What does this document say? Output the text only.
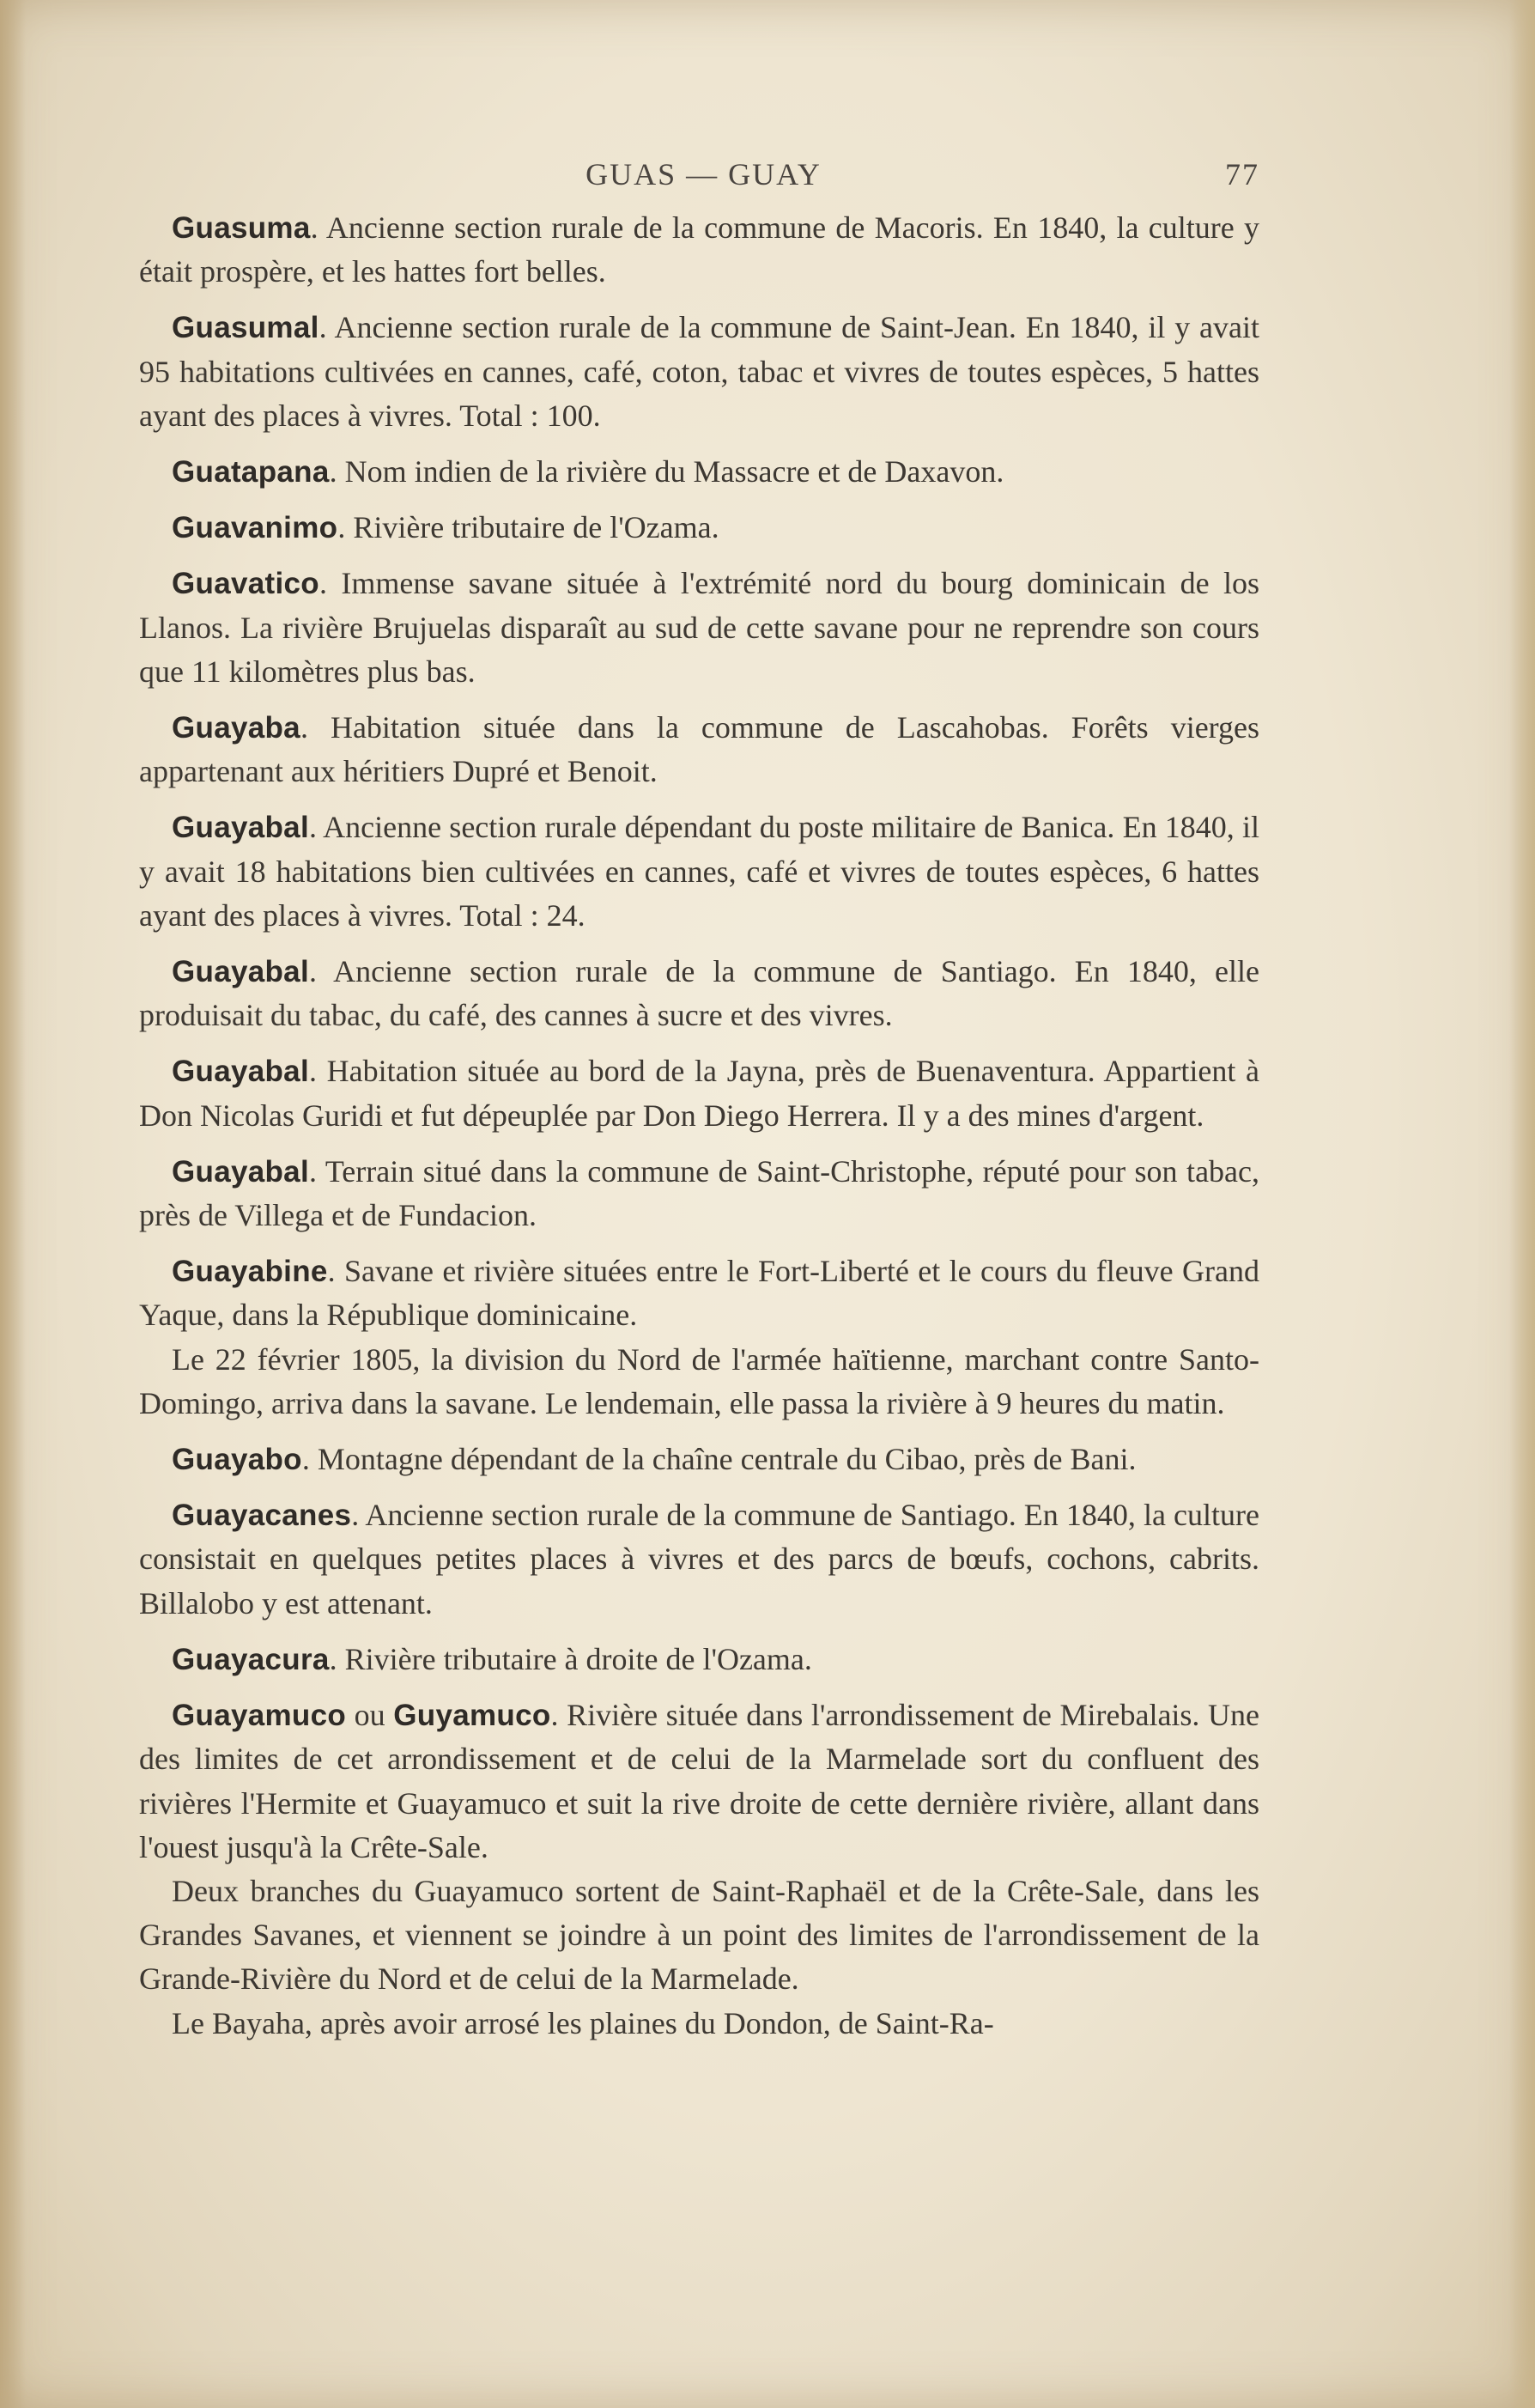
GUAS — GUAY	77

Guasuma. Ancienne section rurale de la commune de Macoris. En 1840, la culture y était prospère, et les hattes fort belles.

Guasumal. Ancienne section rurale de la commune de Saint-Jean. En 1840, il y avait 95 habitations cultivées en cannes, café, coton, tabac et vivres de toutes espèces, 5 hattes ayant des places à vivres. Total : 100.

Guatapana. Nom indien de la rivière du Massacre et de Daxavon.

Guavanimo. Rivière tributaire de l'Ozama.

Guavatico. Immense savane située à l'extrémité nord du bourg dominicain de los Llanos. La rivière Brujuelas disparaît au sud de cette savane pour ne reprendre son cours que 11 kilomètres plus bas.

Guayaba. Habitation située dans la commune de Lascahobas. Forêts vierges appartenant aux héritiers Dupré et Benoit.

Guayabal. Ancienne section rurale dépendant du poste militaire de Banica. En 1840, il y avait 18 habitations bien cultivées en cannes, café et vivres de toutes espèces, 6 hattes ayant des places à vivres. Total : 24.

Guayabal. Ancienne section rurale de la commune de Santiago. En 1840, elle produisait du tabac, du café, des cannes à sucre et des vivres.

Guayabal. Habitation située au bord de la Jayna, près de Buenaventura. Appartient à Don Nicolas Guridi et fut dépeuplée par Don Diego Herrera. Il y a des mines d'argent.

Guayabal. Terrain situé dans la commune de Saint-Christophe, réputé pour son tabac, près de Villega et de Fundacion.

Guayabine. Savane et rivière situées entre le Fort-Liberté et le cours du fleuve Grand Yaque, dans la République dominicaine.

Le 22 février 1805, la division du Nord de l'armée haïtienne, marchant contre Santo-Domingo, arriva dans la savane. Le lendemain, elle passa la rivière à 9 heures du matin.

Guayabo. Montagne dépendant de la chaîne centrale du Cibao, près de Bani.

Guayacanes. Ancienne section rurale de la commune de Santiago. En 1840, la culture consistait en quelques petites places à vivres et des parcs de bœufs, cochons, cabrits. Billalobo y est attenant.

Guayacura. Rivière tributaire à droite de l'Ozama.

Guayamuco ou Guyamuco. Rivière située dans l'arrondissement de Mirebalais. Une des limites de cet arrondissement et de celui de la Marmelade sort du confluent des rivières l'Hermite et Guayamuco et suit la rive droite de cette dernière rivière, allant dans l'ouest jusqu'à la Crête-Sale.

Deux branches du Guayamuco sortent de Saint-Raphaël et de la Crête-Sale, dans les Grandes Savanes, et viennent se joindre à un point des limites de l'arrondissement de la Grande-Rivière du Nord et de celui de la Marmelade.

Le Bayaha, après avoir arrosé les plaines du Dondon, de Saint-Ra-
